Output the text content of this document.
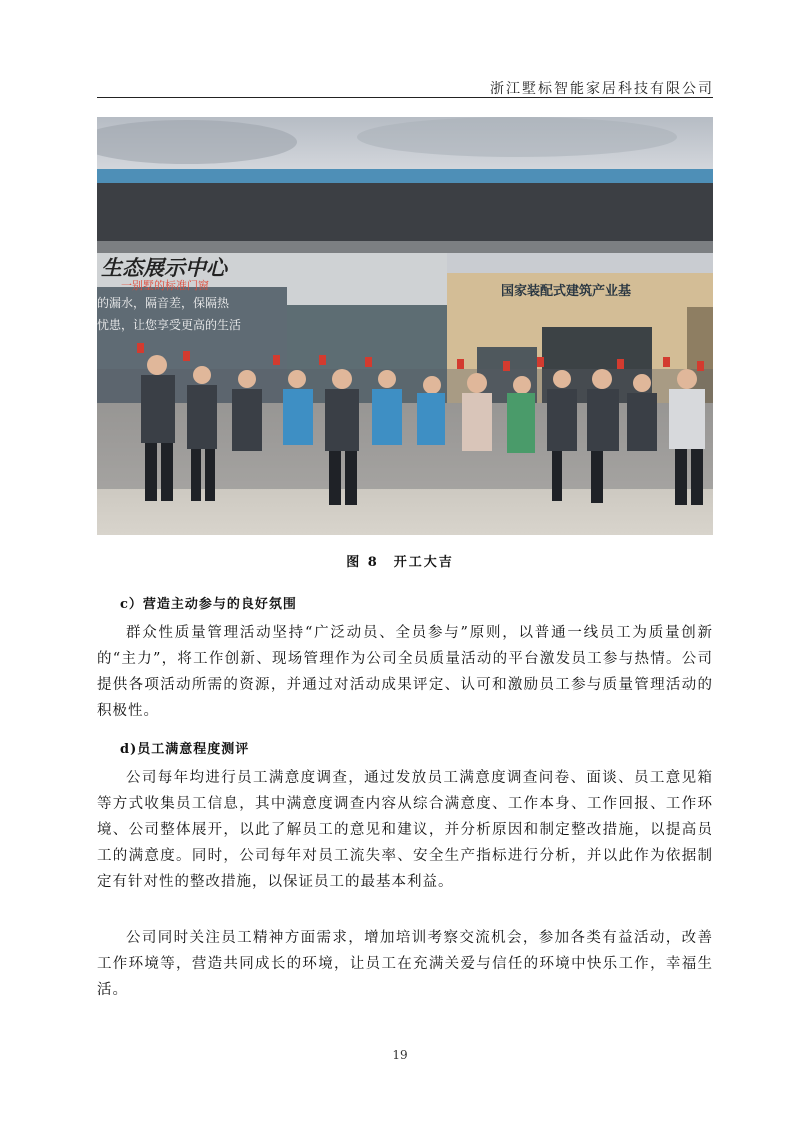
浙江墅标智能家居科技有限公司
生态展示中心
一别墅的标准门窗
的漏水，隔音差，保隔热
忧患，让您享受更高的生活
国家装配式建筑产业基
图 8　开工大吉
c）营造主动参与的良好氛围
群众性质量管理活动坚持“广泛动员、全员参与”原则，以普通一线员工为质量创新的“主力”，将工作创新、现场管理作为公司全员质量活动的平台激发员工参与热情。公司提供各项活动所需的资源，并通过对活动成果评定、认可和激励员工参与质量管理活动的积极性。
d)员工满意程度测评
公司每年均进行员工满意度调查，通过发放员工满意度调查问卷、面谈、员工意见箱等方式收集员工信息，其中满意度调查内容从综合满意度、工作本身、工作回报、工作环境、公司整体展开，以此了解员工的意见和建议，并分析原因和制定整改措施，以提高员工的满意度。同时，公司每年对员工流失率、安全生产指标进行分析，并以此作为依据制定有针对性的整改措施，以保证员工的最基本利益。
公司同时关注员工精神方面需求，增加培训考察交流机会，参加各类有益活动，改善工作环境等，营造共同成长的环境，让员工在充满关爱与信任的环境中快乐工作，幸福生活。
19
